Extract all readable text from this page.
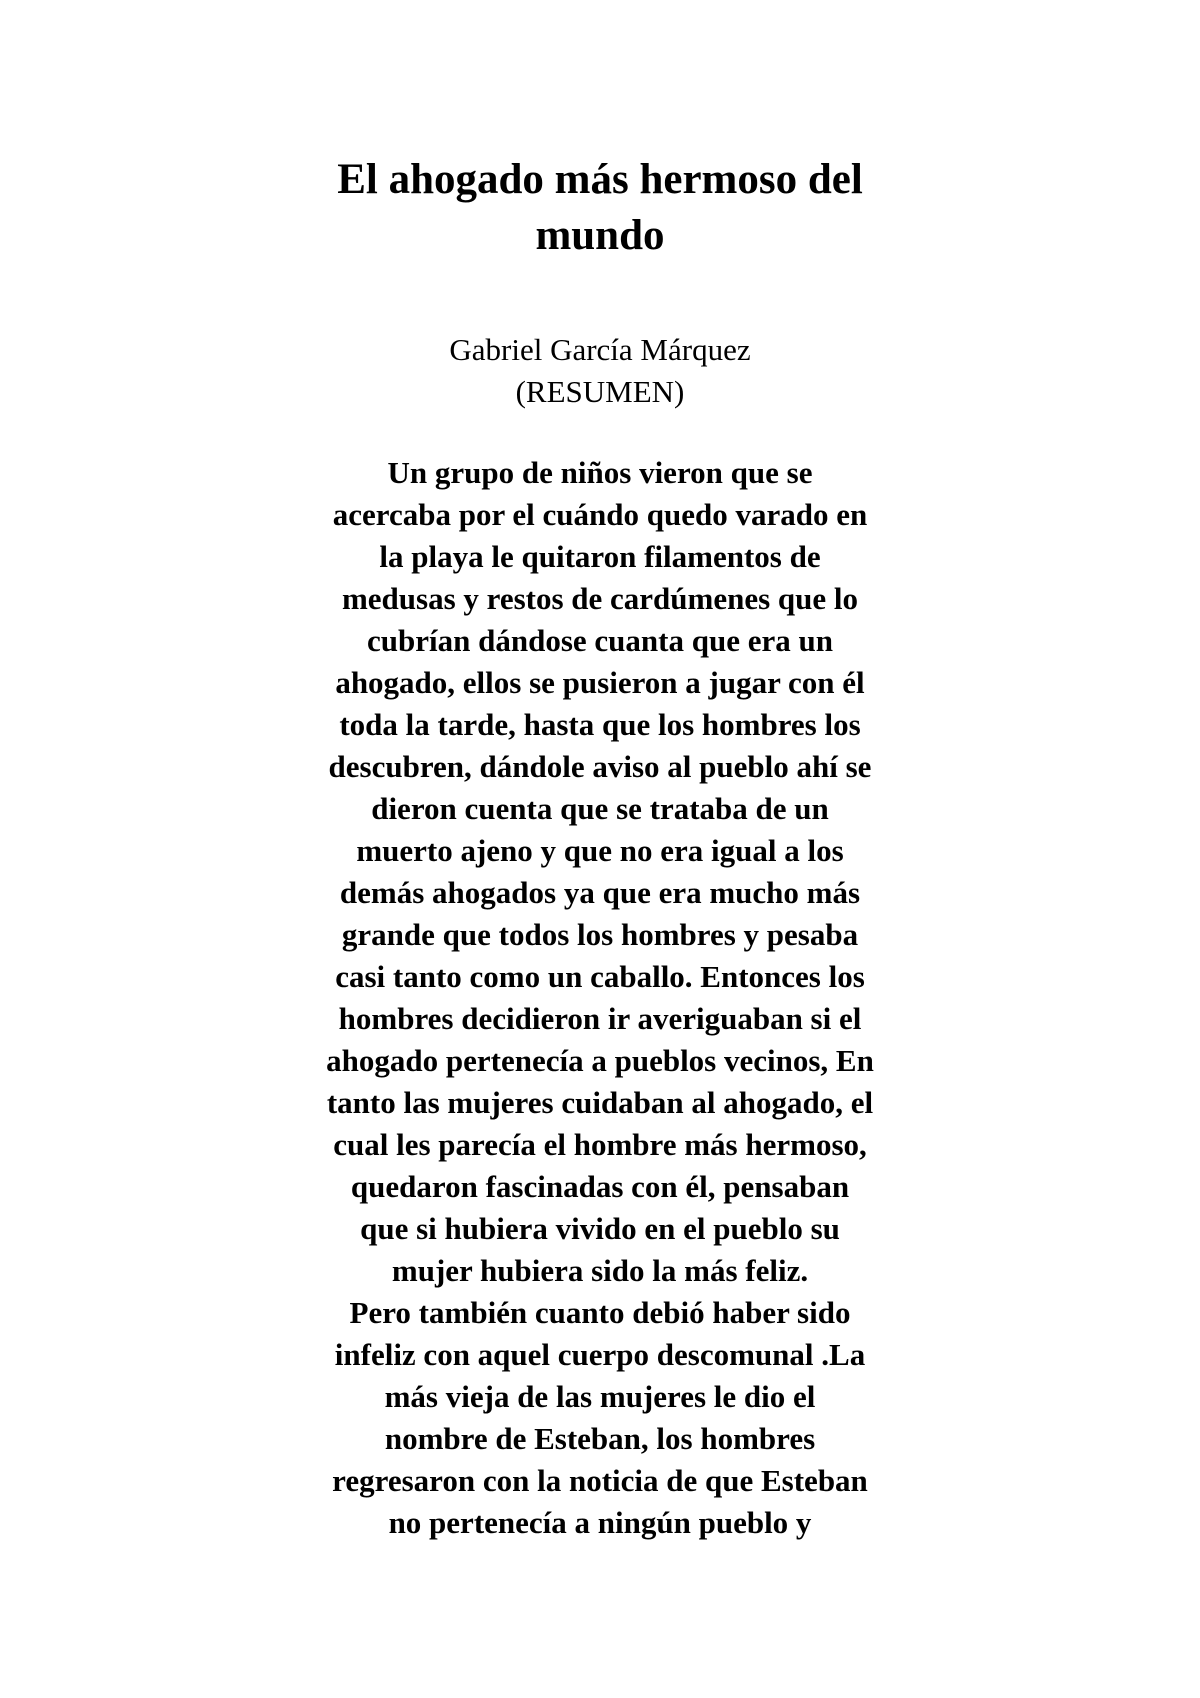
El ahogado más hermoso del
mundo

Gabriel García Márquez

(RESUMEN)

Un grupo de niños vieron que se
acercaba por el cuándo quedo varado en
la playa le quitaron filamentos de
medusas y restos de cardúmenes que lo
cubrían dándose cuanta que era un
ahogado, ellos se pusieron a jugar con él
toda la tarde, hasta que los hombres los
descubren, dándole aviso al pueblo ahí se
dieron cuenta que se trataba de un
muerto ajeno y que no era igual a los
demás ahogados ya que era mucho más
grande que todos los hombres y pesaba
casi tanto como un caballo. Entonces los
hombres decidieron ir averiguaban si el
ahogado pertenecía a pueblos vecinos, En
tanto las mujeres cuidaban al ahogado, el
cual les parecía el hombre más hermoso,
quedaron fascinadas con él, pensaban
que si hubiera vivido en el pueblo su
mujer hubiera sido la más feliz.
Pero también cuanto debió haber sido
infeliz con aquel cuerpo descomunal .La
más vieja de las mujeres le dio el
nombre de Esteban, los hombres
regresaron con la noticia de que Esteban
no pertenecía a ningún pueblo y
